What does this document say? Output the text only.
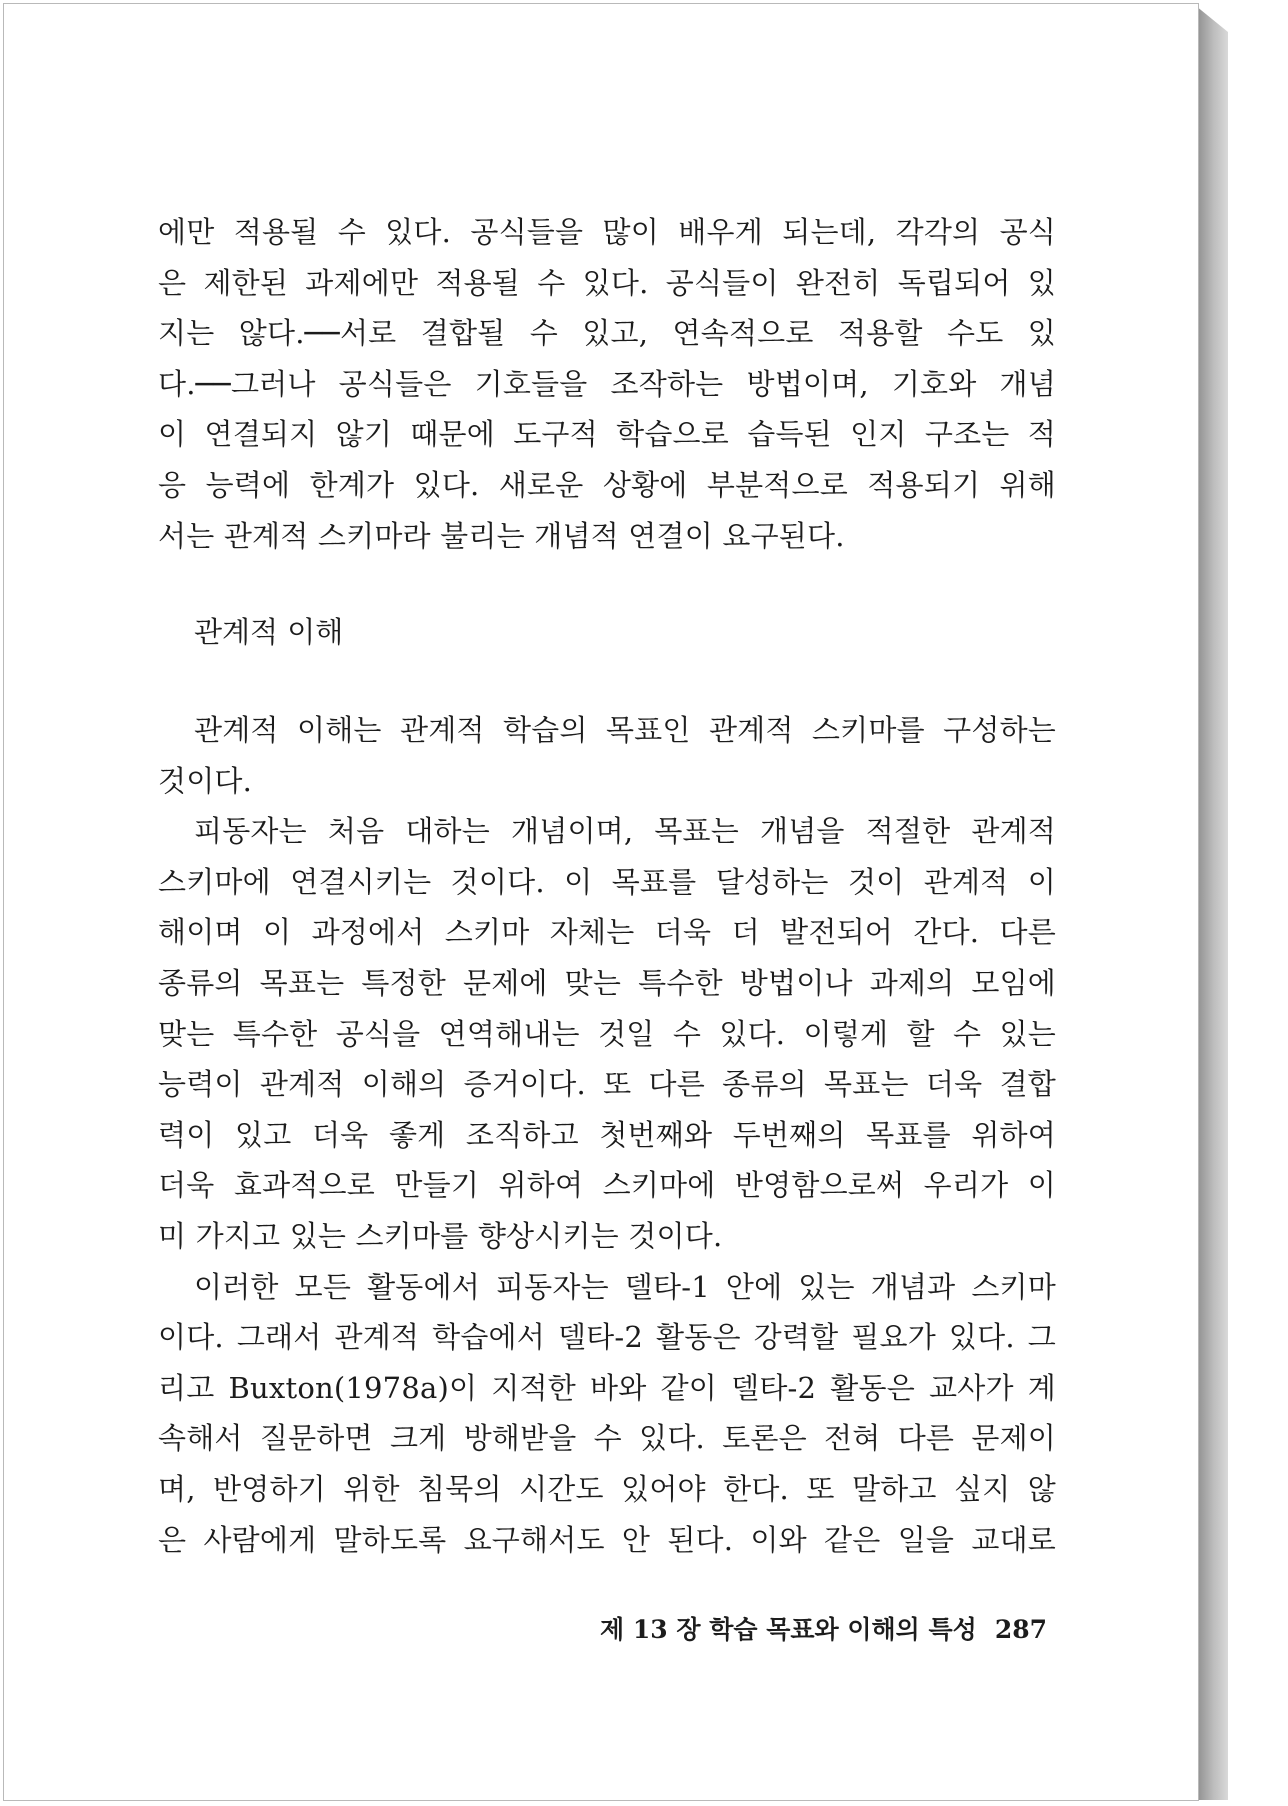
에만 적용될 수 있다. 공식들을 많이 배우게 되는데, 각각의 공식
은 제한된 과제에만 적용될 수 있다. 공식들이 완전히 독립되어 있
지는 않다.──서로 결합될 수 있고, 연속적으로 적용할 수도 있
다.──그러나 공식들은 기호들을 조작하는 방법이며, 기호와 개념
이 연결되지 않기 때문에 도구적 학습으로 습득된 인지 구조는 적
응 능력에 한계가 있다. 새로운 상황에 부분적으로 적용되기 위해
서는 관계적 스키마라 불리는 개념적 연결이 요구된다.
관계적 이해
관계적 이해는 관계적 학습의 목표인 관계적 스키마를 구성하는
것이다.
피동자는 처음 대하는 개념이며, 목표는 개념을 적절한 관계적
스키마에 연결시키는 것이다. 이 목표를 달성하는 것이 관계적 이
해이며 이 과정에서 스키마 자체는 더욱 더 발전되어 간다. 다른
종류의 목표는 특정한 문제에 맞는 특수한 방법이나 과제의 모임에
맞는 특수한 공식을 연역해내는 것일 수 있다. 이렇게 할 수 있는
능력이 관계적 이해의 증거이다. 또 다른 종류의 목표는 더욱 결합
력이 있고 더욱 좋게 조직하고 첫번째와 두번째의 목표를 위하여
더욱 효과적으로 만들기 위하여 스키마에 반영함으로써 우리가 이
미 가지고 있는 스키마를 향상시키는 것이다.
이러한 모든 활동에서 피동자는 델타-1 안에 있는 개념과 스키마
이다. 그래서 관계적 학습에서 델타-2 활동은 강력할 필요가 있다. 그
리고 Buxton(1978a)이 지적한 바와 같이 델타-2 활동은 교사가 계
속해서 질문하면 크게 방해받을 수 있다. 토론은 전혀 다른 문제이
며, 반영하기 위한 침묵의 시간도 있어야 한다. 또 말하고 싶지 않
은 사람에게 말하도록 요구해서도 안 된다. 이와 같은 일을 교대로
제 13 장 학습 목표와 이해의 특성 287
